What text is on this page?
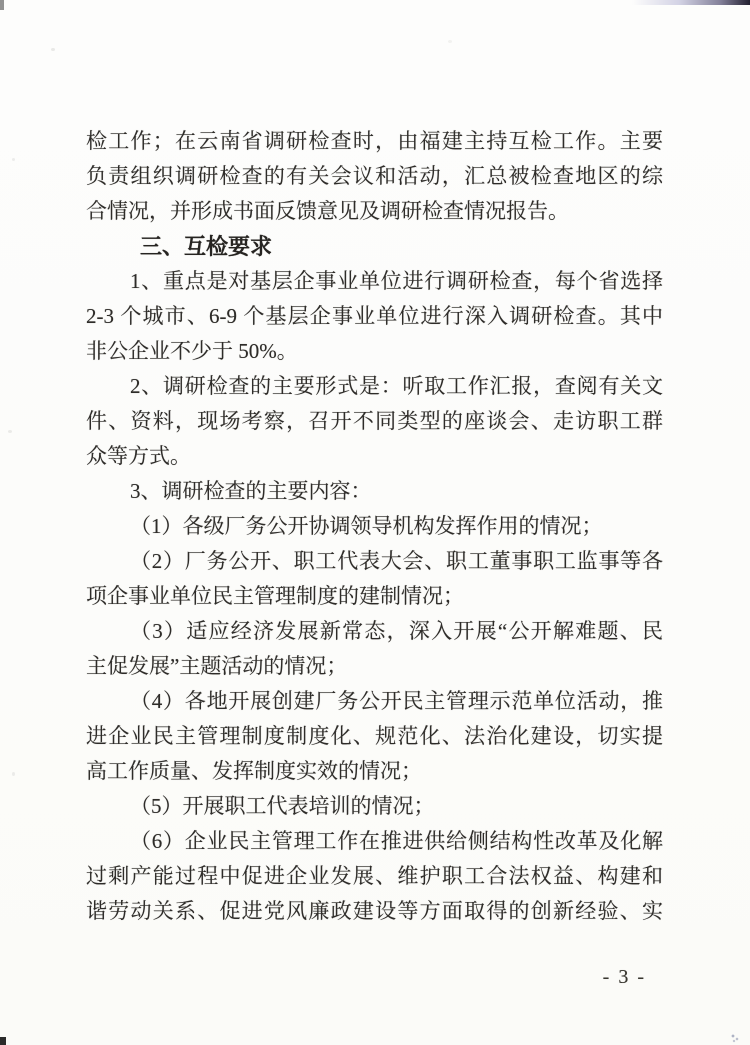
检工作；在云南省调研检查时，由福建主持互检工作。主要
负责组织调研检查的有关会议和活动，汇总被检查地区的综
合情况，并形成书面反馈意见及调研检查情况报告。
三、互检要求
1、重点是对基层企事业单位进行调研检查，每个省选择
2-3 个城市、6-9 个基层企事业单位进行深入调研检查。其中
非公企业不少于 50%。
2、调研检查的主要形式是：听取工作汇报，查阅有关文
件、资料，现场考察，召开不同类型的座谈会、走访职工群
众等方式。
3、调研检查的主要内容：
（1）各级厂务公开协调领导机构发挥作用的情况；
（2）厂务公开、职工代表大会、职工董事职工监事等各
项企事业单位民主管理制度的建制情况；
（3）适应经济发展新常态，深入开展“公开解难题、民
主促发展”主题活动的情况；
（4）各地开展创建厂务公开民主管理示范单位活动，推
进企业民主管理制度制度化、规范化、法治化建设，切实提
高工作质量、发挥制度实效的情况；
（5）开展职工代表培训的情况；
（6）企业民主管理工作在推进供给侧结构性改革及化解
过剩产能过程中促进企业发展、维护职工合法权益、构建和
谐劳动关系、促进党风廉政建设等方面取得的创新经验、实
- 3 -
